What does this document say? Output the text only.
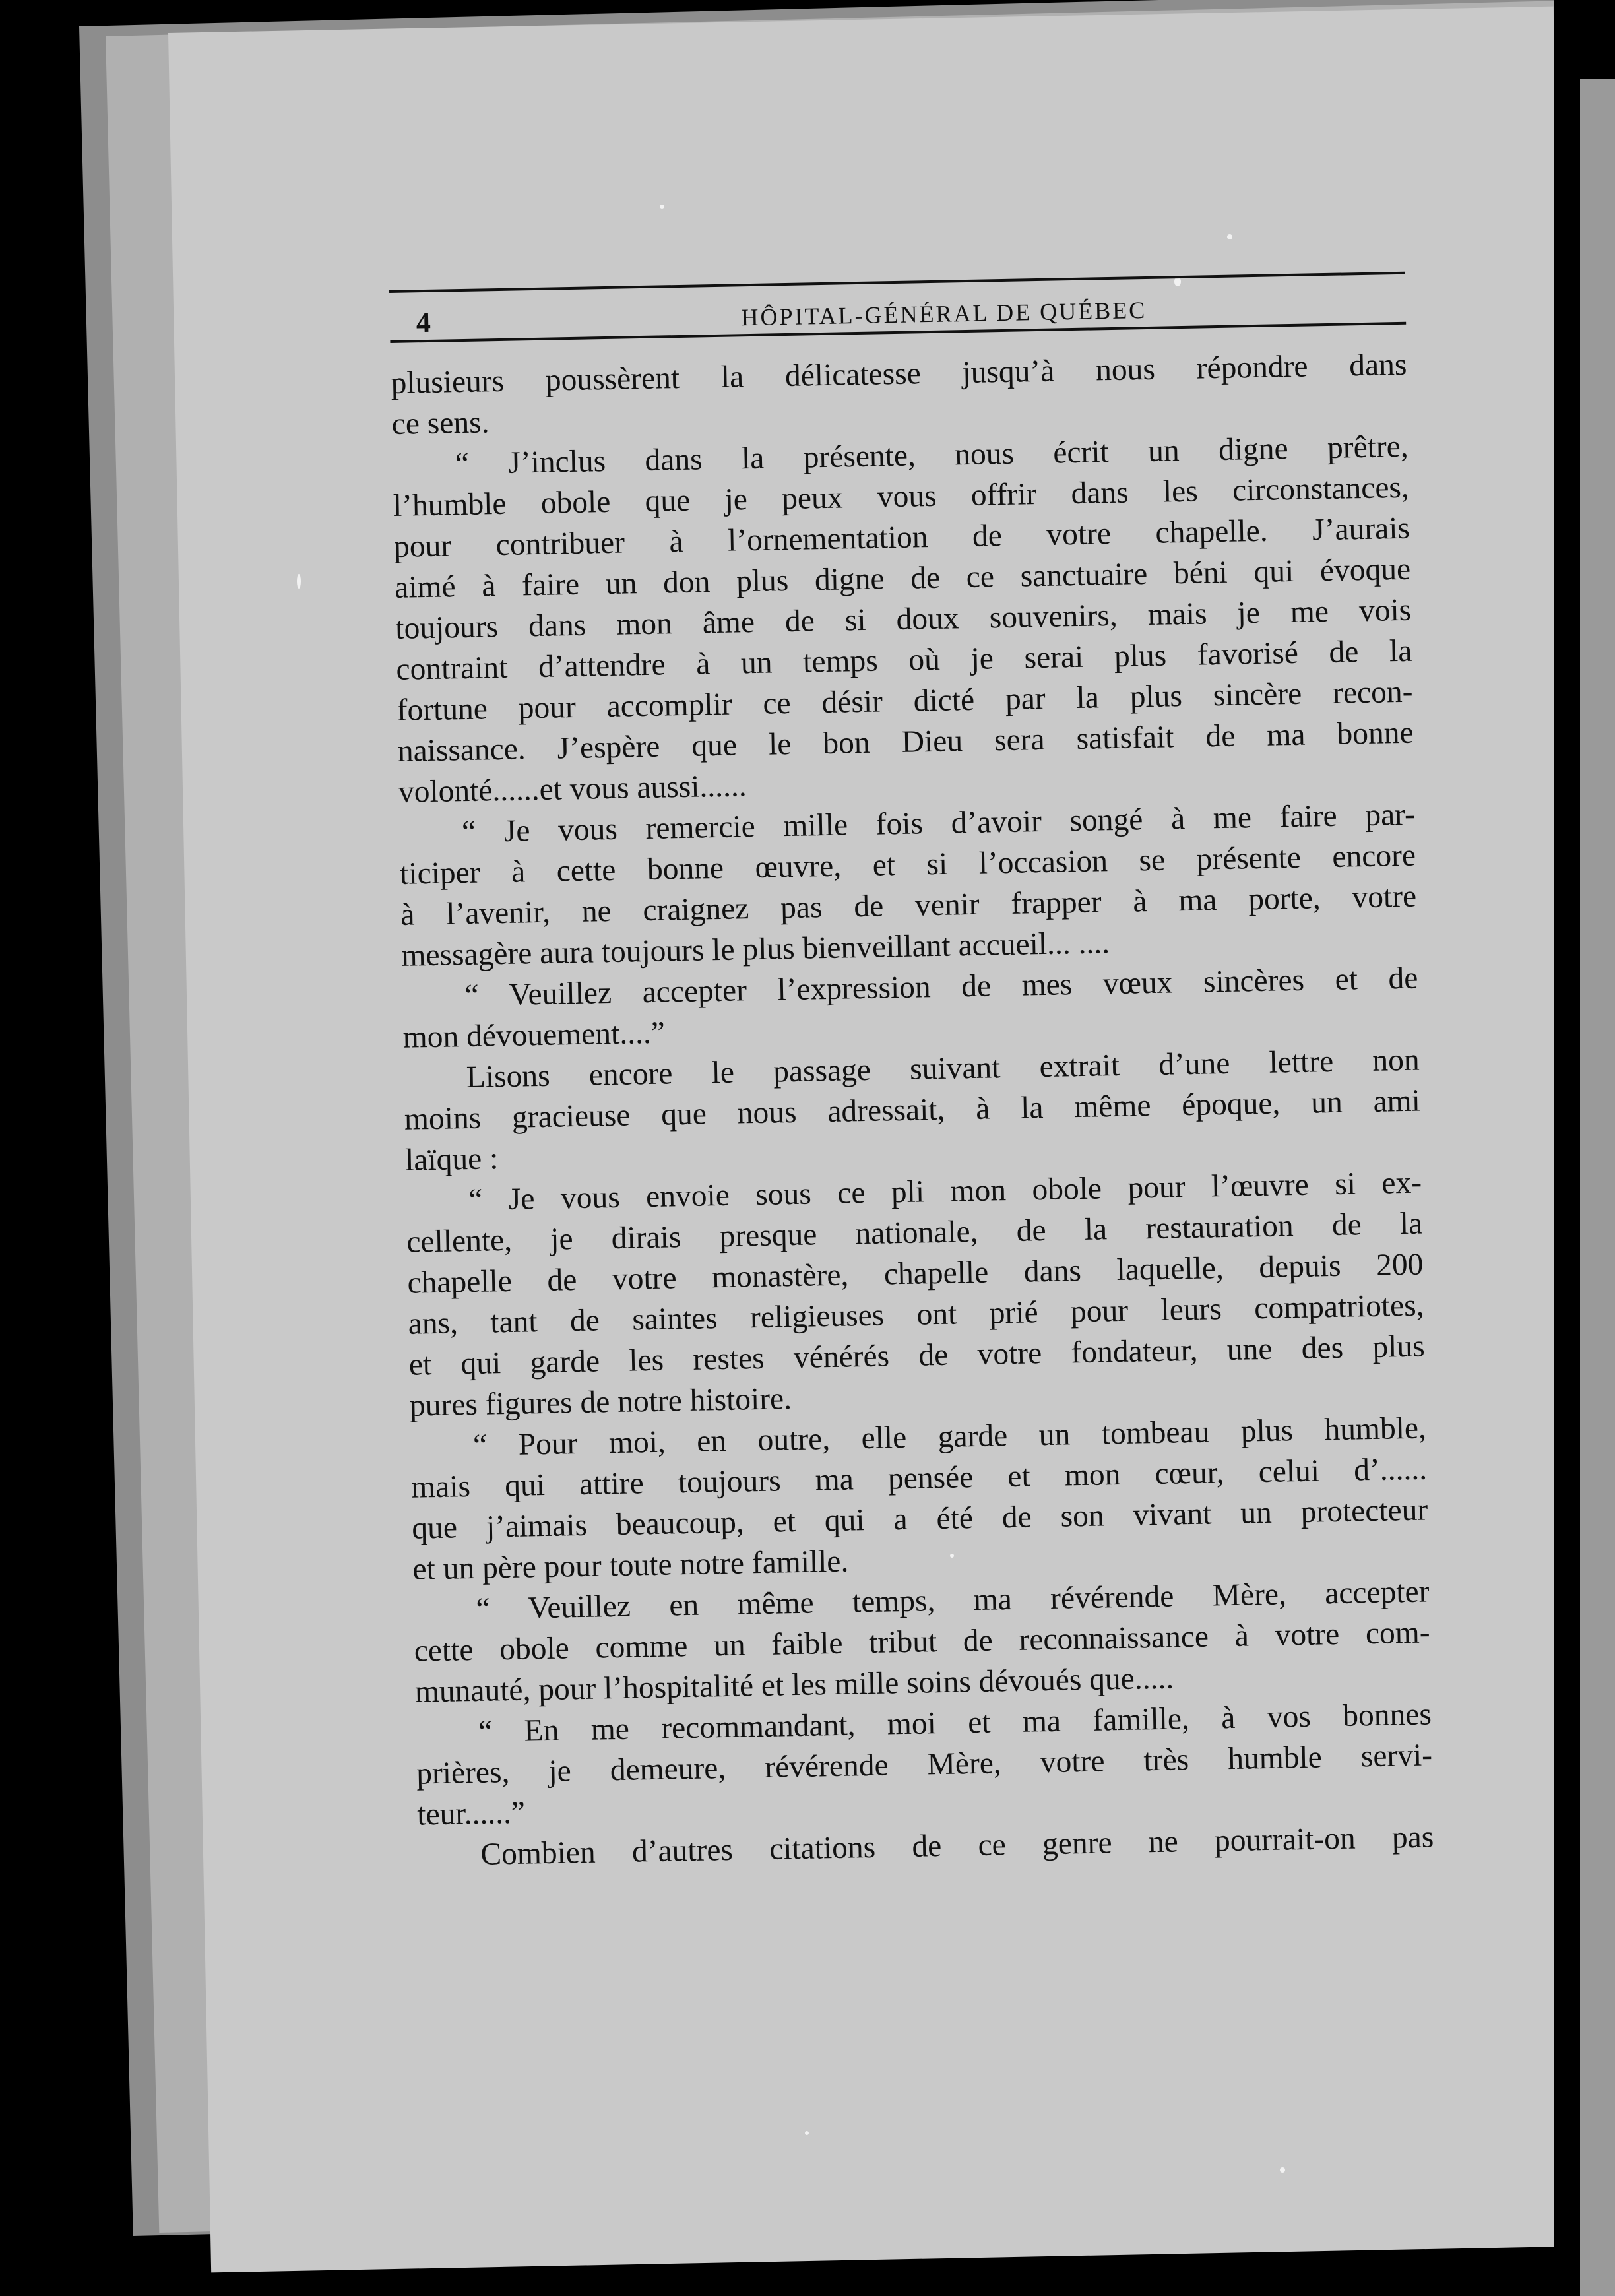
4	HÔPITAL-GÉNÉRAL DE QUÉBEC
plusieurs poussèrent la délicatesse jusqu’à nous répondre dans
ce sens.
“ J’inclus dans la présente, nous écrit un digne prêtre,
l’humble obole que je peux vous offrir dans les circonstances,
pour contribuer à l’ornementation de votre chapelle. J’aurais
aimé à faire un don plus digne de ce sanctuaire béni qui évoque
toujours dans mon âme de si doux souvenirs, mais je me vois
contraint d’attendre à un temps où je serai plus favorisé de la
fortune pour accomplir ce désir dicté par la plus sincère recon-
naissance. J’espère que le bon Dieu sera satisfait de ma bonne
volonté......et vous aussi......
“ Je vous remercie mille fois d’avoir songé à me faire par-
ticiper à cette bonne œuvre, et si l’occasion se présente encore
à l’avenir, ne craignez pas de venir frapper à ma porte, votre
messagère aura toujours le plus bienveillant accueil... ....
“ Veuillez accepter l’expression de mes vœux sincères et de
mon dévouement....”
Lisons encore le passage suivant extrait d’une lettre non
moins gracieuse que nous adressait, à la même époque, un ami
laïque :
“ Je vous envoie sous ce pli mon obole pour l’œuvre si ex-
cellente, je dirais presque nationale, de la restauration de la
chapelle de votre monastère, chapelle dans laquelle, depuis 200
ans, tant de saintes religieuses ont prié pour leurs compatriotes,
et qui garde les restes vénérés de votre fondateur, une des plus
pures figures de notre histoire.
“ Pour moi, en outre, elle garde un tombeau plus humble,
mais qui attire toujours ma pensée et mon cœur, celui d’......
que j’aimais beaucoup, et qui a été de son vivant un protecteur
et un père pour toute notre famille.
“ Veuillez en même temps, ma révérende Mère, accepter
cette obole comme un faible tribut de reconnaissance à votre com-
munauté, pour l’hospitalité et les mille soins dévoués que.....
“ En me recommandant, moi et ma famille, à vos bonnes
prières, je demeure, révérende Mère, votre très humble servi-
teur......”
Combien d’autres citations de ce genre ne pourrait-on pas
